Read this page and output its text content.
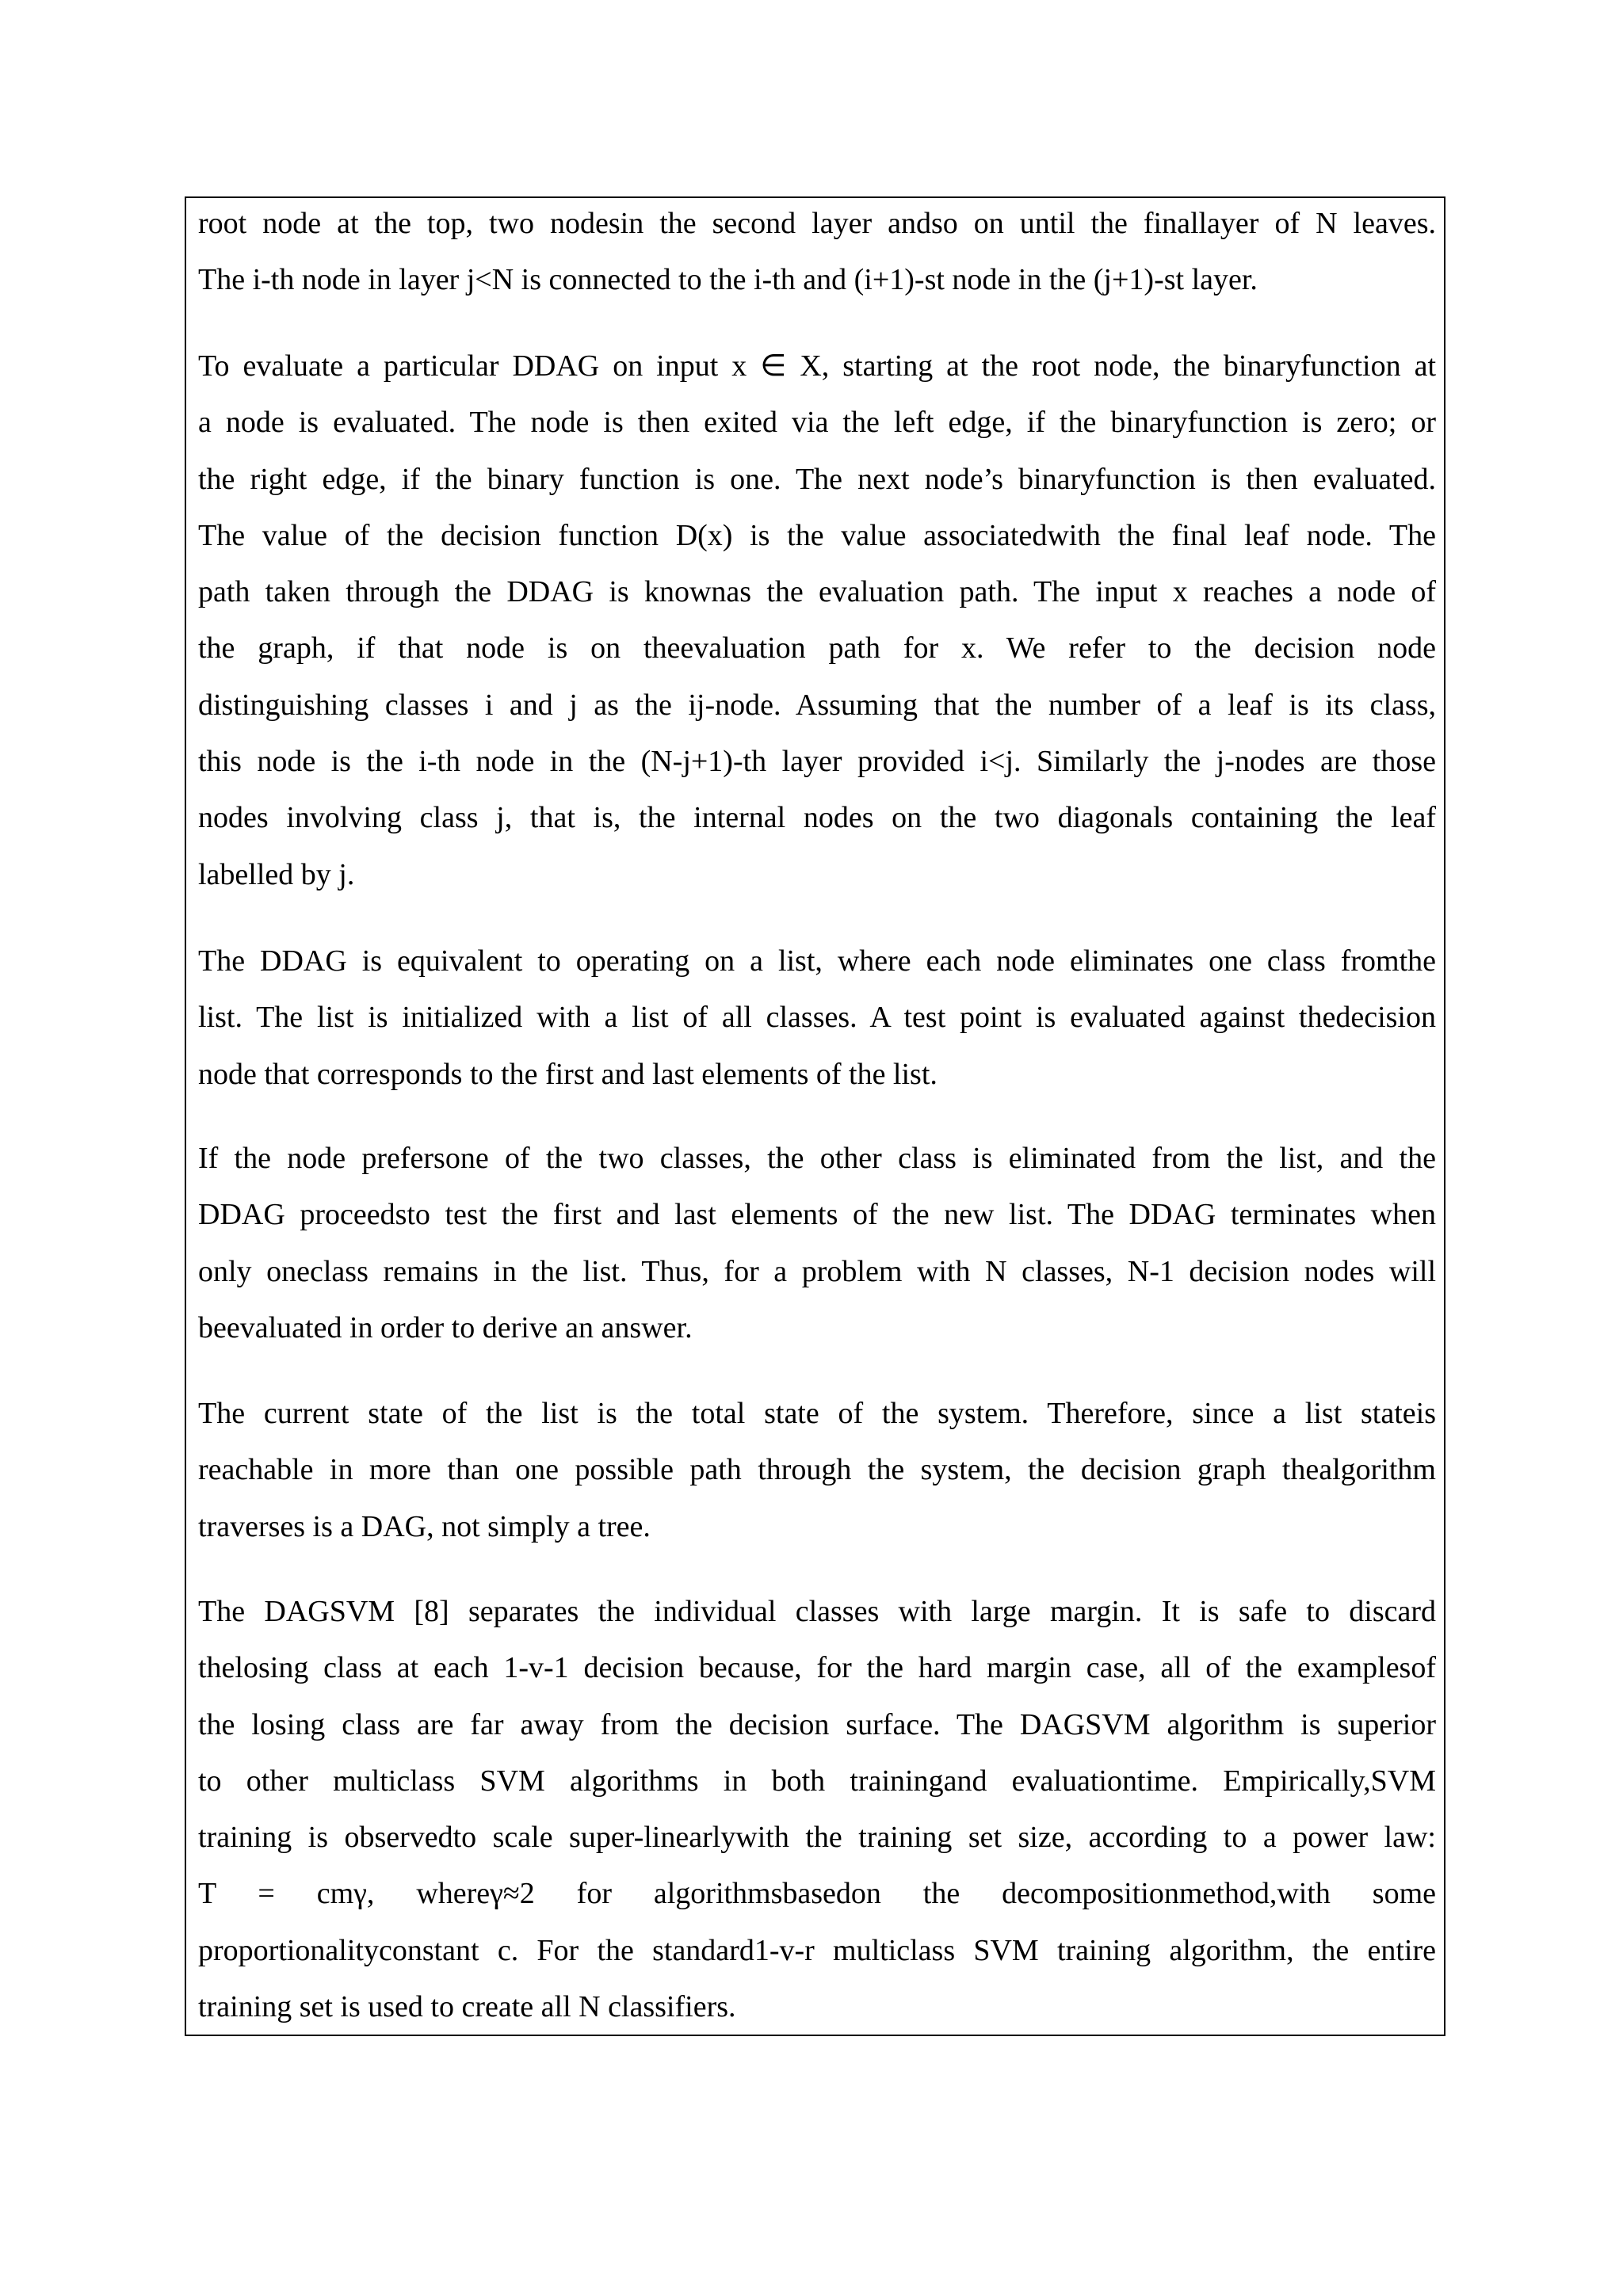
root node at the top, two nodesin the second layer andso on until the finallayer of N leaves.
The i-th node in layer j<N is connected to the i-th and (i+1)-st node in the (j+1)-st layer.
To evaluate a particular DDAG on input x ∈ X, starting at the root node, the binaryfunction at
a node is evaluated. The node is then exited via the left edge, if the binaryfunction is zero; or
the right edge, if the binary function is one. The next node’s binaryfunction is then evaluated.
The value of the decision function D(x) is the value associatedwith the final leaf node. The
path taken through the DDAG is knownas the evaluation path. The input x reaches a node of
the graph, if that node is on theevaluation path for x. We refer to the decision node
distinguishing classes i and j as the ij-node. Assuming that the number of a leaf is its class,
this node is the i-th node in the (N-j+1)-th layer provided i<j. Similarly the j-nodes are those
nodes involving class j, that is, the internal nodes on the two diagonals containing the leaf
labelled by j.
The DDAG is equivalent to operating on a list, where each node eliminates one class fromthe
list. The list is initialized with a list of all classes. A test point is evaluated against thedecision
node that corresponds to the first and last elements of the list.
If the node prefersone of the two classes, the other class is eliminated from the list, and the
DDAG proceedsto test the first and last elements of the new list. The DDAG terminates when
only oneclass remains in the list. Thus, for a problem with N classes, N-1 decision nodes will
beevaluated in order to derive an answer.
The current state of the list is the total state of the system. Therefore, since a list stateis
reachable in more than one possible path through the system, the decision graph thealgorithm
traverses is a DAG, not simply a tree.
The DAGSVM [8] separates the individual classes with large margin. It is safe to discard
thelosing class at each 1-v-1 decision because, for the hard margin case, all of the examplesof
the losing class are far away from the decision surface. The DAGSVM algorithm is superior
to other multiclass SVM algorithms in both trainingand evaluationtime. Empirically,SVM
training is observedto scale super-linearlywith the training set size, according to a power law:
T = cmγ, whereγ≈2 for algorithmsbasedon the decompositionmethod,with some
proportionalityconstant c. For the standard1-v-r multiclass SVM training algorithm, the entire
training set is used to create all N classifiers.
